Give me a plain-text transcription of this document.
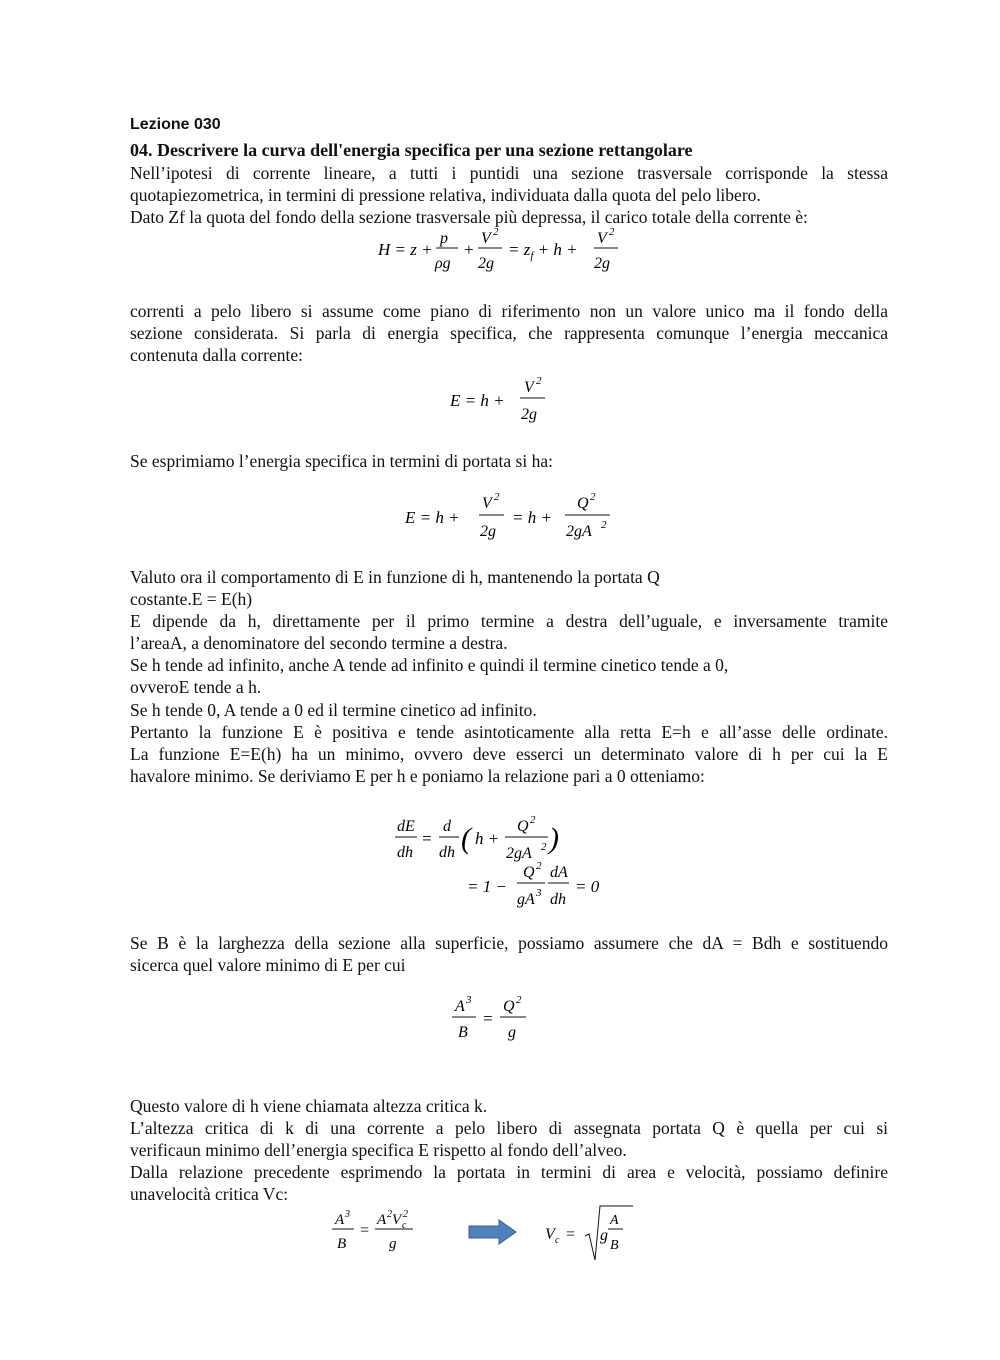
Lezione 030
04. Descrivere la curva dell'energia specifica per una sezione rettangolare
Nell’ipotesi di corrente lineare, a tutti i puntidi una sezione trasversale corrisponde la stessa
quotapiezometrica, in termini di pressione relativa, individuata dalla quota del pelo libero.
Dato Zf la quota del fondo della sezione trasversale più depressa, il carico totale della corrente è:
H = z +
p
ρg
+
V 2
2g
= $z_f + h$ +
V 2
2g
correnti a pelo libero si assume come piano di riferimento non un valore unico ma il fondo della
sezione considerata. Si parla di energia specifica, che rappresenta comunque l’energia meccanica
contenuta dalla corrente:
E = h +
V 2
2g
Se esprimiamo l’energia specifica in termini di portata si ha:
E = h +
V 2
2g
= h +
Q 2
2gA 2
Valuto ora il comportamento di E in funzione di h, mantenendo la portata Q
costante.E = E(h)
E dipende da h, direttamente per il primo termine a destra dell’uguale, e inversamente tramite
l’areaA, a denominatore del secondo termine a destra.
Se h tende ad infinito, anche A tende ad infinito e quindi il termine cinetico tende a 0,
ovveroE tende a h.
Se h tende 0, A tende a 0 ed il termine cinetico ad infinito.
Pertanto la funzione E è positiva e tende asintoticamente alla retta E=h e all’asse delle ordinate.
La funzione E=E(h) ha un minimo, ovvero deve esserci un determinato valore di h per cui la E
havalore minimo. Se deriviamo E per h e poniamo la relazione pari a 0 otteniamo:
dE
dh
=
d
dh ( h +
Q 2
2gA 2 )
= 1 −
Q 2
gA 3
dA
dh
= 0
Se B è la larghezza della sezione alla superficie, possiamo assumere che dA = Bdh e sostituendo
sicerca quel valore minimo di E per cui
A 3
B
=
Q 2
g
Questo valore di h viene chiamata altezza critica k.
L’altezza critica di k di una corrente a pelo libero di assegnata portata Q è quella per cui si
verificaun minimo dell’energia specifica E rispetto al fondo dell’alveo.
Dalla relazione precedente esprimendo la portata in termini di area e velocità, possiamo definire
unavelocità critica Vc:
A 3
B
=
A 2 V c
2
g
V c = g
A
B
